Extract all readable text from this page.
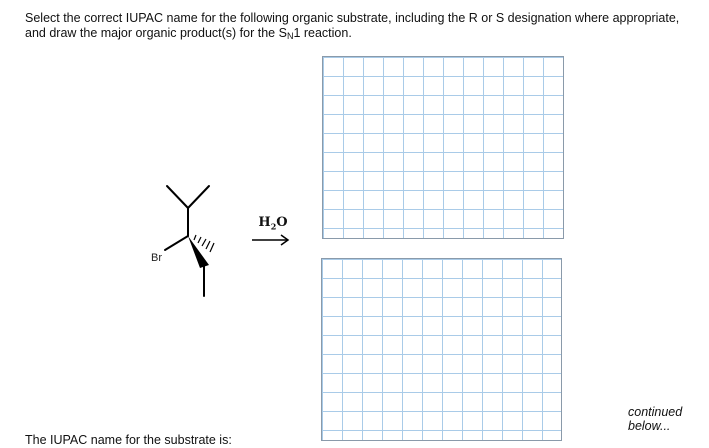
Select the correct IUPAC name for the following organic substrate, including the R or S designation where appropriate, and draw the major organic product(s) for the $S_N1$ reaction.
Br
$H_2O$
continued below...
The IUPAC name for the substrate is:
